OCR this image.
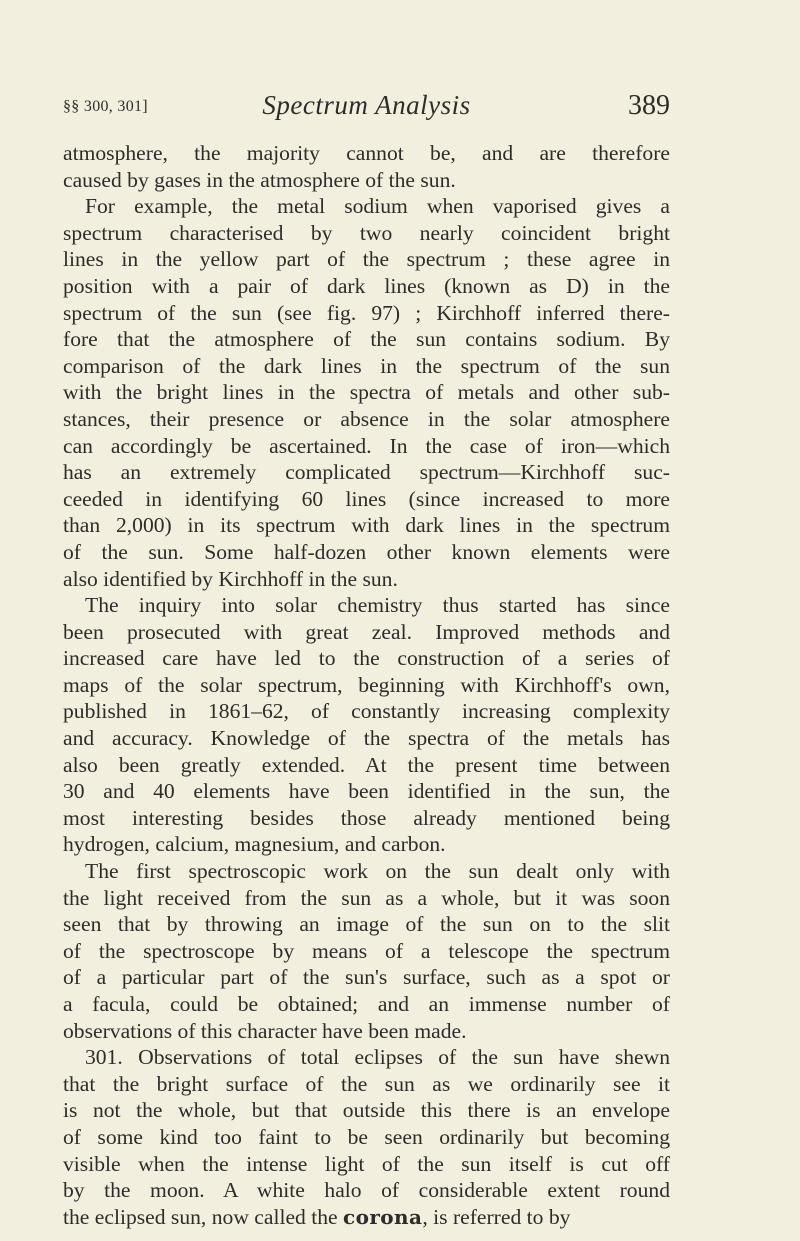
§§ 300, 301]	Spectrum Analysis	389
atmosphere, the majority cannot be, and are therefore
caused by gases in the atmosphere of the sun.
For example, the metal sodium when vaporised gives a
spectrum characterised by two nearly coincident bright
lines in the yellow part of the spectrum ; these agree in
position with a pair of dark lines (known as D) in the
spectrum of the sun (see fig. 97) ; Kirchhoff inferred there-
fore that the atmosphere of the sun contains sodium. By
comparison of the dark lines in the spectrum of the sun
with the bright lines in the spectra of metals and other sub-
stances, their presence or absence in the solar atmosphere
can accordingly be ascertained. In the case of iron—which
has an extremely complicated spectrum—Kirchhoff suc-
ceeded in identifying 60 lines (since increased to more
than 2,000) in its spectrum with dark lines in the spectrum
of the sun. Some half-dozen other known elements were
also identified by Kirchhoff in the sun.
The inquiry into solar chemistry thus started has since
been prosecuted with great zeal. Improved methods and
increased care have led to the construction of a series of
maps of the solar spectrum, beginning with Kirchhoff's own,
published in 1861–62, of constantly increasing complexity
and accuracy. Knowledge of the spectra of the metals has
also been greatly extended. At the present time between
30 and 40 elements have been identified in the sun, the
most interesting besides those already mentioned being
hydrogen, calcium, magnesium, and carbon.
The first spectroscopic work on the sun dealt only with
the light received from the sun as a whole, but it was soon
seen that by throwing an image of the sun on to the slit
of the spectroscope by means of a telescope the spectrum
of a particular part of the sun's surface, such as a spot or
a facula, could be obtained; and an immense number of
observations of this character have been made.
301. Observations of total eclipses of the sun have shewn
that the bright surface of the sun as we ordinarily see it
is not the whole, but that outside this there is an envelope
of some kind too faint to be seen ordinarily but becoming
visible when the intense light of the sun itself is cut off
by the moon. A white halo of considerable extent round
the eclipsed sun, now called the corona, is referred to by
